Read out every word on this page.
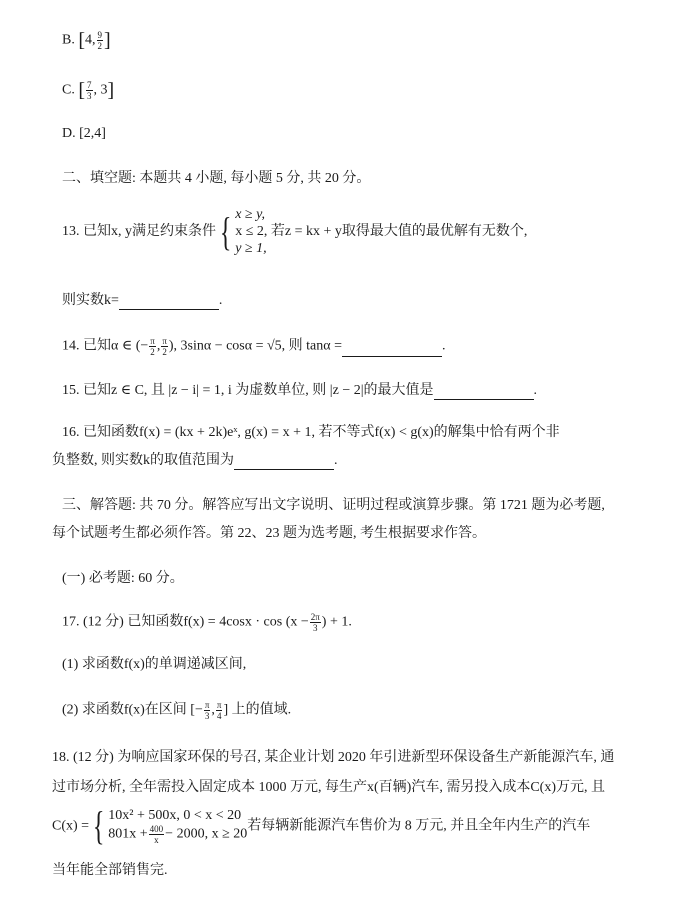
B. [4, $\frac{9}{2}$ ]
C. [ $\frac{7}{3}$ , 3]
D. [2,4]
二、填空题: 本题共 4 小题, 每小题 5 分, 共 20 分。
13. 已知x, y满足约束条件{ x ≥ y,
x ≤ 2, 若z = kx + y取得最大值的最优解有无数个,
y ≥ 1,
则实数k=	.
14. 已知α ∈ (− $\frac{\pi}{2}$ , $\frac{\pi}{2}$ ), 3sinα − cosα = √5, 则 tanα =	.
15. 已知z ∈ C, 且 |z − i| = 1, i 为虚数单位, 则 |z − 2|的最大值是	.
16. 已知函数f(x) = (kx + 2k)eˣ, g(x) = x + 1, 若不等式f(x) < g(x)的解集中恰有两个非
负整数, 则实数k的取值范围为	.
三、解答题: 共 70 分。解答应写出文字说明、证明过程或演算步骤。第 1721 题为必考题,
每个试题考生都必须作答。第 22、23 题为选考题, 考生根据要求作答。
(一) 必考题: 60 分。
17. (12 分) 已知函数$f(x) = 4\cos x \cdot \cos (x - \frac{2\pi}{3}$ ) + 1.
(1) 求函数f(x)的单调递减区间,
(2) 求函数f(x)在区间 [− $\frac{\pi}{3}$ , $\frac{\pi}{4}$ ] 上的值域.
18. (12 分) 为响应国家环保的号召, 某企业计划 2020 年引进新型环保设备生产新能源汽车, 通
过市场分析, 全年需投入固定成本 1000 万元, 每生产x(百辆)汽车, 需另投入成本C(x)万元, 且
C(x) ={ 10x² + 500x, 0 < x < 20
$801x + \frac{400}{x} - 2000$, x ≥ 20
若每辆新能源汽车售价为 8 万元, 并且全年内生产的汽车
当年能全部销售完.
